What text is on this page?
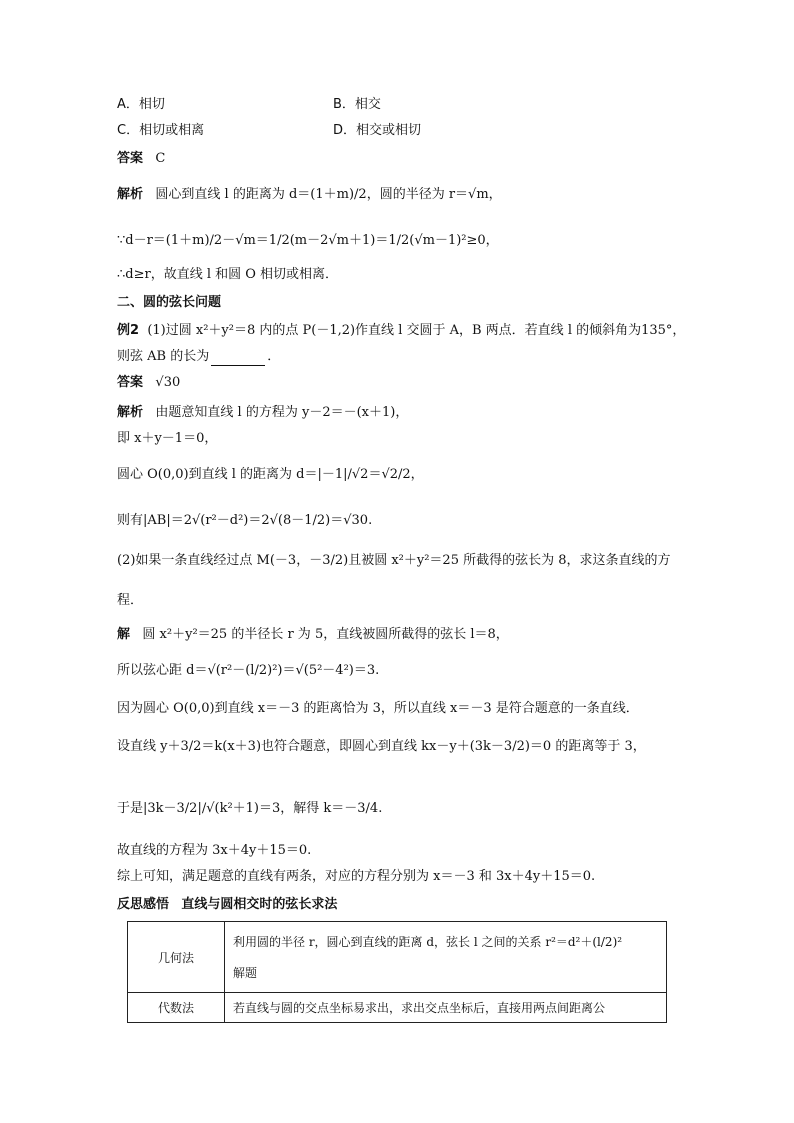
A．相切	B．相交
C．相切或相离	D．相交或相切
答案 C
解析 圆心到直线 l 的距离为 d＝(1＋m)/2，圆的半径为 r＝√m，
∵d－r＝(1＋m)/2－√m＝1/2(m－2√m＋1)＝1/2(√m－1)²≥0，
∴d≥r，故直线 l 和圆 O 相切或相离．
二、圆的弦长问题
例2 (1)过圆 x²＋y²＝8 内的点 P(－1,2)作直线 l 交圆于 A，B 两点．若直线 l 的倾斜角为135°，
则弦 AB 的长为	．
答案 √30
解析 由题意知直线 l 的方程为 y－2＝－(x＋1)，
即 x＋y－1＝0，
圆心 O(0,0)到直线 l 的距离为 d＝|－1|/√2＝√2/2，
则有|AB|＝2√(r²－d²)＝2√(8－1/2)＝√30.
(2)如果一条直线经过点 M(－3，－3/2)且被圆 x²＋y²＝25 所截得的弦长为 8，求这条直线的方
程．
解 圆 x²＋y²＝25 的半径长 r 为 5，直线被圆所截得的弦长 l＝8，
所以弦心距 d＝√(r²－(l/2)²)＝√(5²－4²)＝3.
因为圆心 O(0,0)到直线 x＝－3 的距离恰为 3，所以直线 x＝－3 是符合题意的一条直线．
设直线 y＋3/2＝k(x＋3)也符合题意，即圆心到直线 kx－y＋(3k－3/2)＝0 的距离等于 3，
于是|3k－3/2|/√(k²＋1)＝3，解得 k＝－3/4.
故直线的方程为 3x＋4y＋15＝0.
综上可知，满足题意的直线有两条，对应的方程分别为 x＝－3 和 3x＋4y＋15＝0.
反思感悟 直线与圆相交时的弦长求法
几何法	利用圆的半径 r，圆心到直线的距离 d，弦长 l 之间的关系 r²＝d²＋(l/2)²
解题

代数法	若直线与圆的交点坐标易求出，求出交点坐标后，直接用两点间距离公
